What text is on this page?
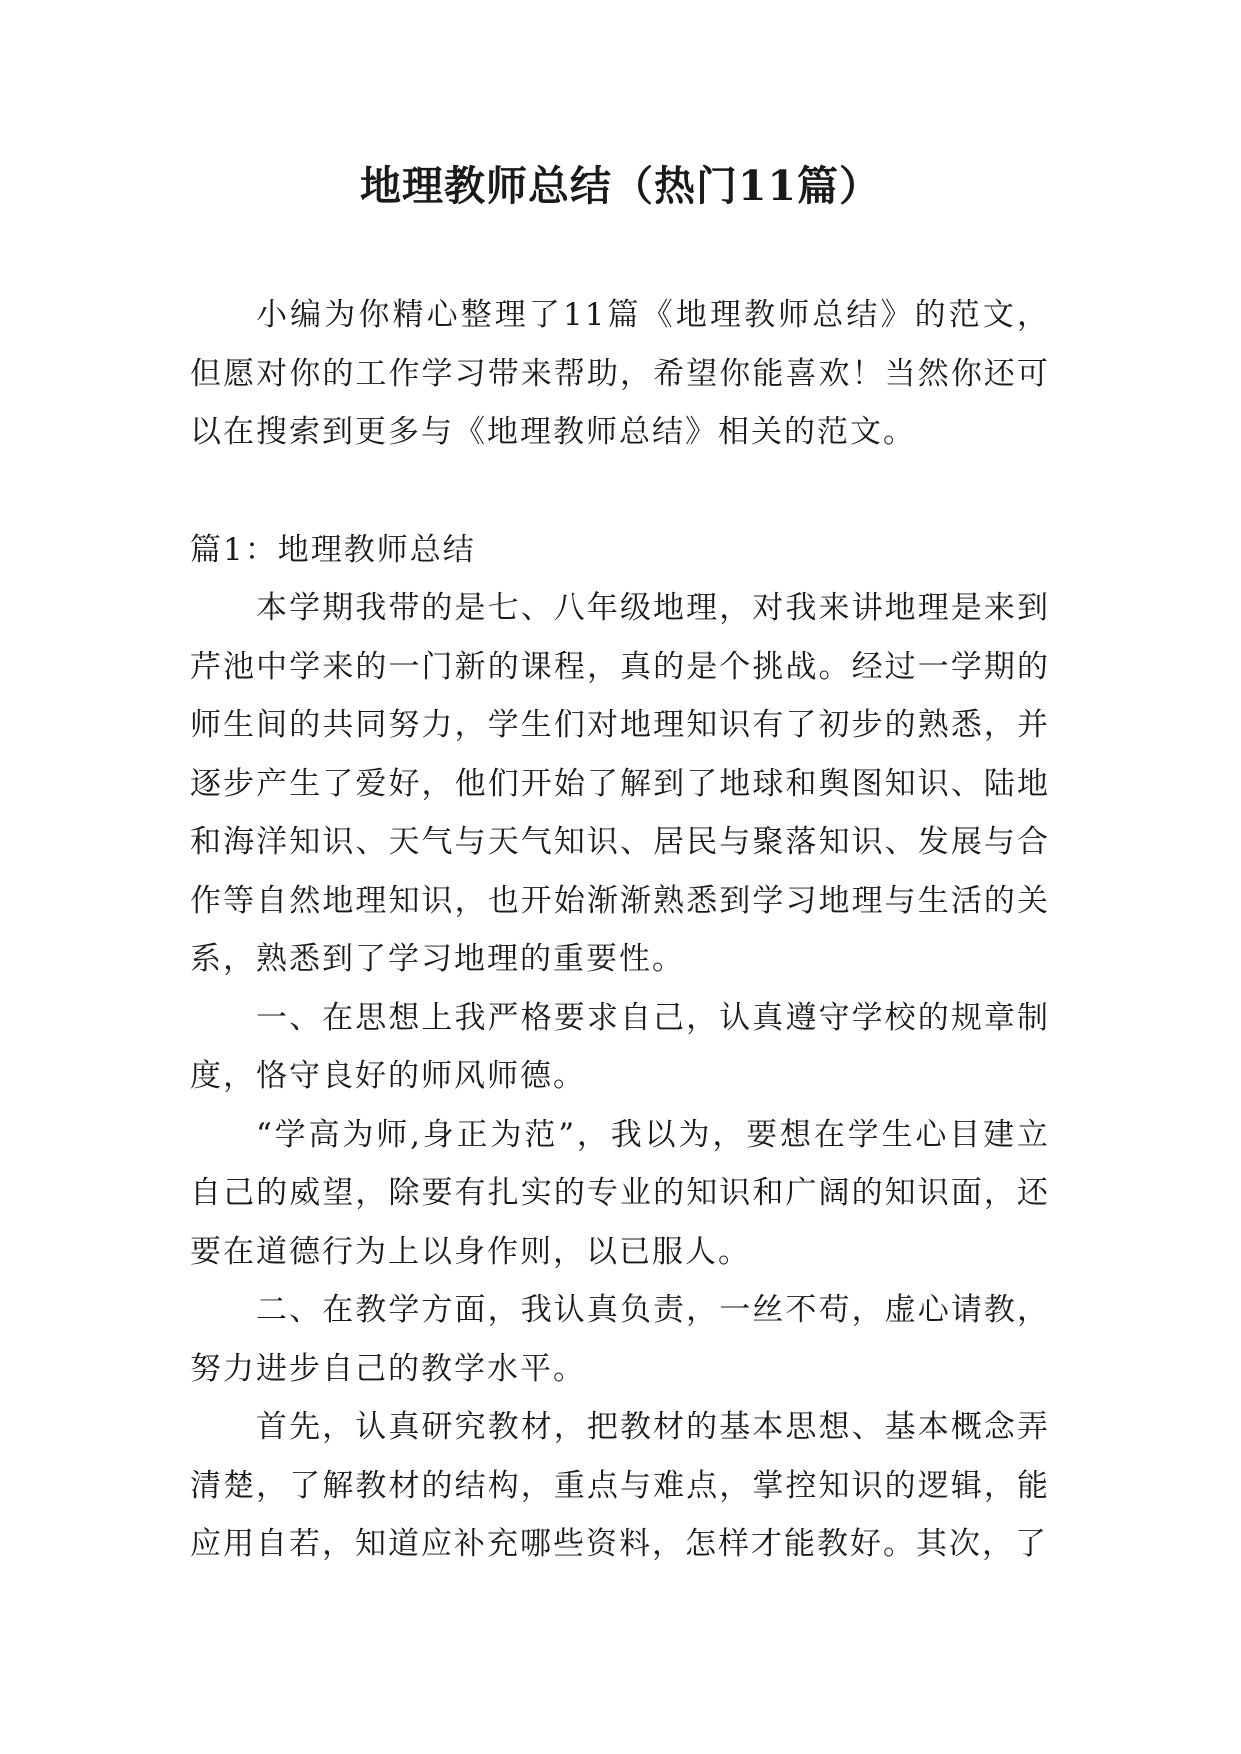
地理教师总结（热门11篇）

小编为你精心整理了11篇《地理教师总结》的范文，但愿对你的工作学习带来帮助，希望你能喜欢！当然你还可以在搜索到更多与《地理教师总结》相关的范文。

篇1：地理教师总结

本学期我带的是七、八年级地理，对我来讲地理是来到芹池中学来的一门新的课程，真的是个挑战。经过一学期的师生间的共同努力，学生们对地理知识有了初步的熟悉，并逐步产生了爱好，他们开始了解到了地球和舆图知识、陆地和海洋知识、天气与天气知识、居民与聚落知识、发展与合作等自然地理知识，也开始渐渐熟悉到学习地理与生活的关系，熟悉到了学习地理的重要性。

一、在思想上我严格要求自己，认真遵守学校的规章制度，恪守良好的师风师德。

“学高为师,身正为范”，我以为，要想在学生心目建立自己的威望，除要有扎实的专业的知识和广阔的知识面，还要在道德行为上以身作则，以已服人。

二、在教学方面，我认真负责，一丝不苟，虚心请教，努力进步自己的教学水平。

首先，认真研究教材，把教材的基本思想、基本概念弄清楚，了解教材的结构，重点与难点，掌控知识的逻辑，能应用自若，知道应补充哪些资料，怎样才能教好。其次，了
